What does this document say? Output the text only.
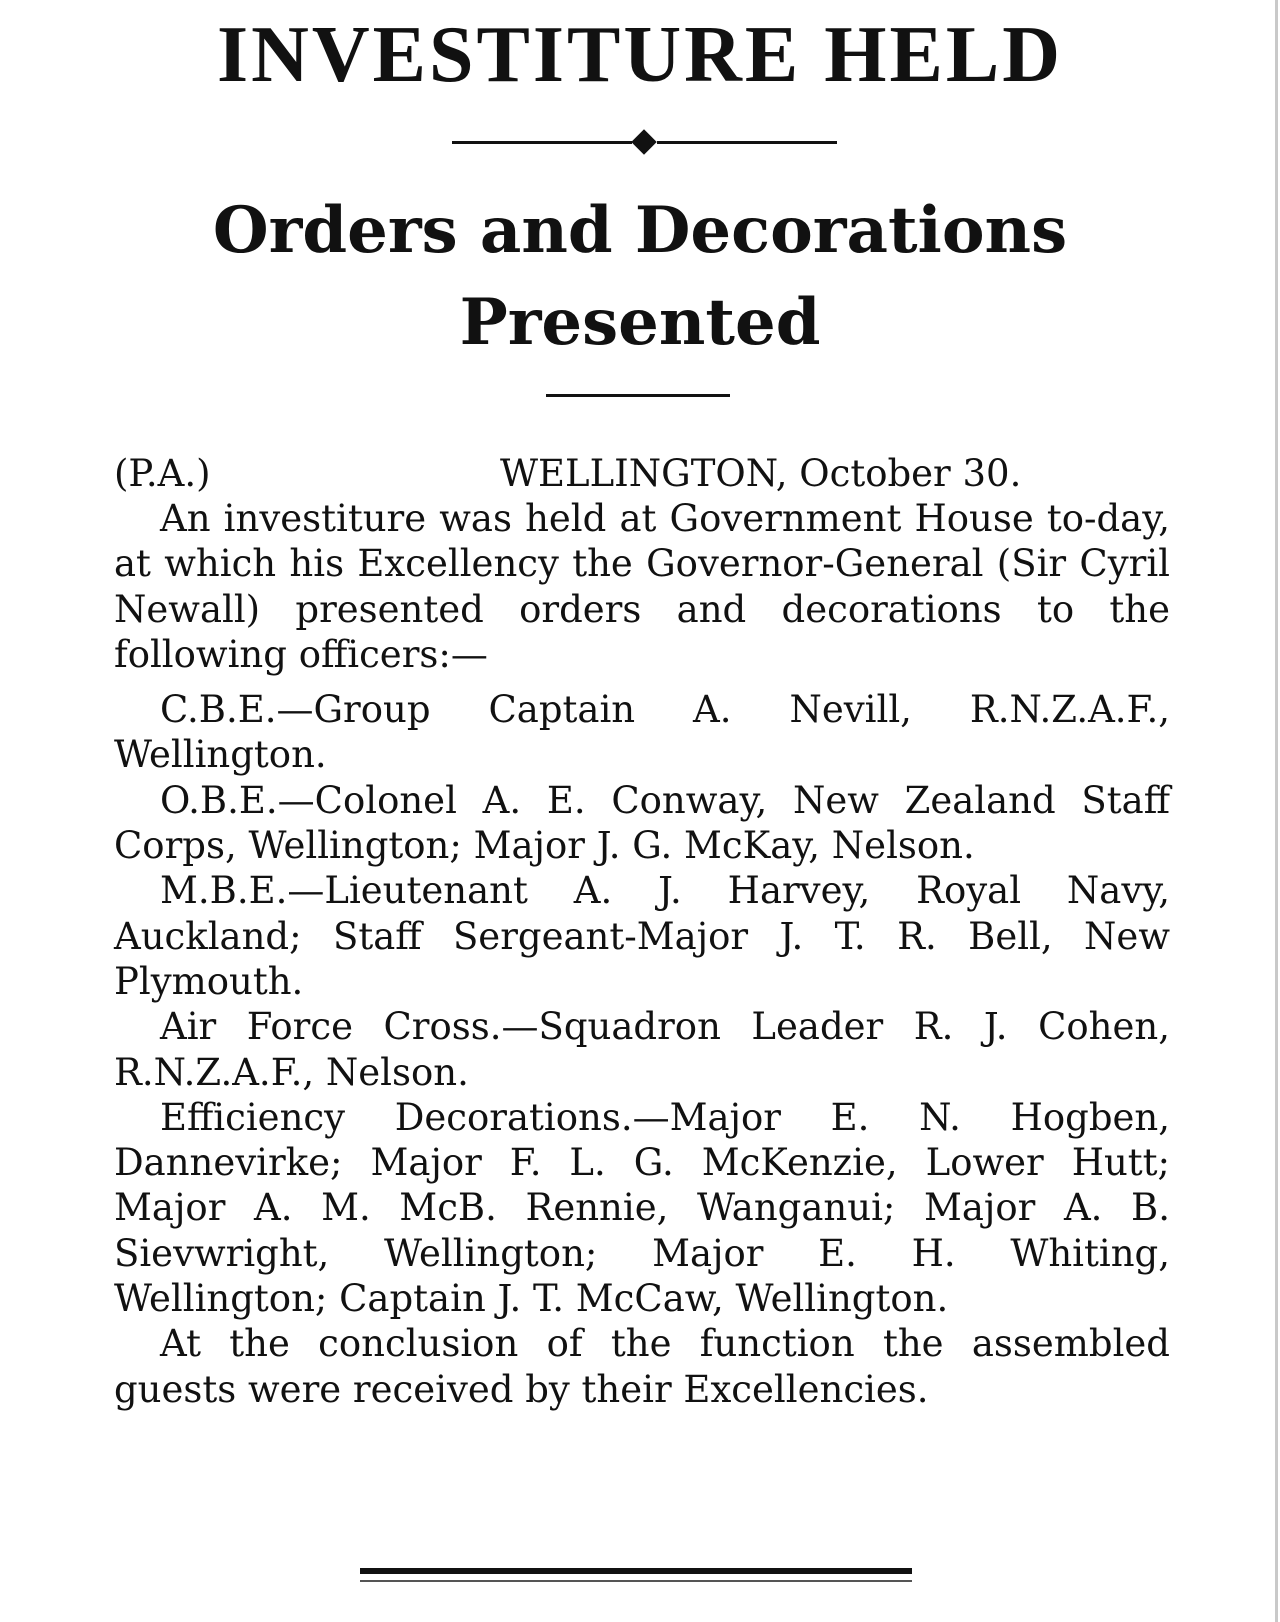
INVESTITURE HELD
Orders and Decorations
Presented
(P.A.)	WELLINGTON, October 30.

An investiture was held at Government House to-day, at which his Excellency the Governor-General (Sir Cyril Newall) presented orders and decorations to the following officers:—

C.B.E.—Group Captain A. Nevill, R.N.Z.A.F., Wellington.

O.B.E.—Colonel A. E. Conway, New Zealand Staff Corps, Wellington; Major J. G. McKay, Nelson.

M.B.E.—Lieutenant A. J. Harvey, Royal Navy, Auckland; Staff Sergeant-Major J. T. R. Bell, New Plymouth.

Air Force Cross.—Squadron Leader R. J. Cohen, R.N.Z.A.F., Nelson.

Efficiency Decorations.—Major E. N. Hogben, Dannevirke; Major F. L. G. McKenzie, Lower Hutt; Major A. M. McB. Rennie, Wanganui; Major A. B. Sievwright, Wellington; Major E. H. Whiting, Wellington; Captain J. T. McCaw, Wellington.

At the conclusion of the function the assembled guests were received by their Excellencies.
